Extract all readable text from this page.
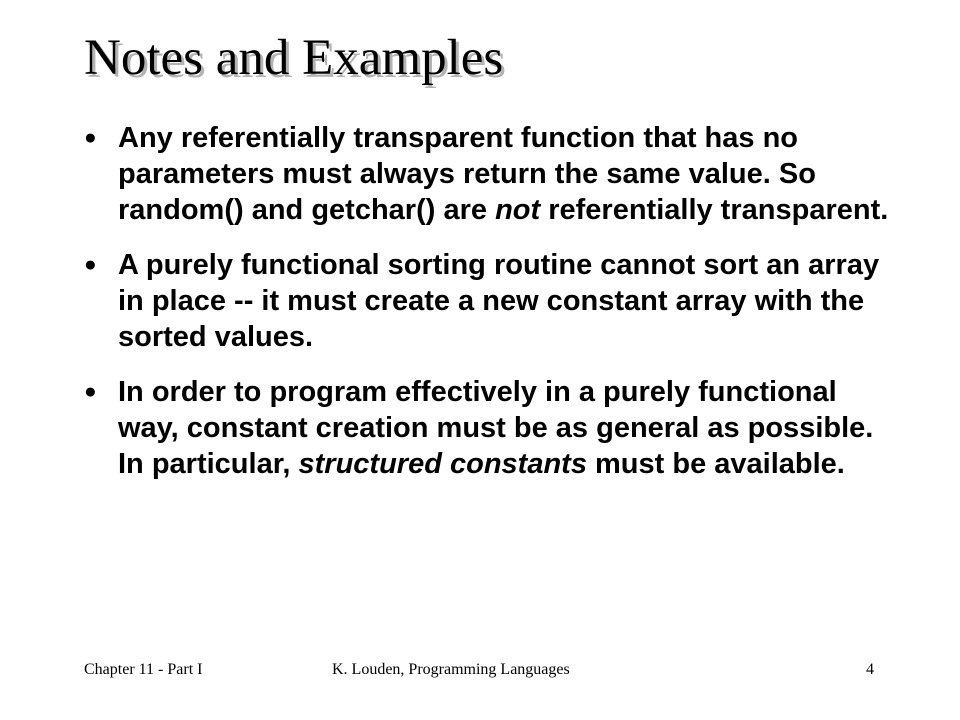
Notes and Examples
● Any referentially transparent function that has no parameters must always return the same value. So random() and getchar() are not referentially transparent.
● A purely functional sorting routine cannot sort an array in place -- it must create a new constant array with the sorted values.
● In order to program effectively in a purely functional way, constant creation must be as general as possible. In particular, structured constants must be available.
Chapter 11 - Part I	K. Louden, Programming Languages	4
